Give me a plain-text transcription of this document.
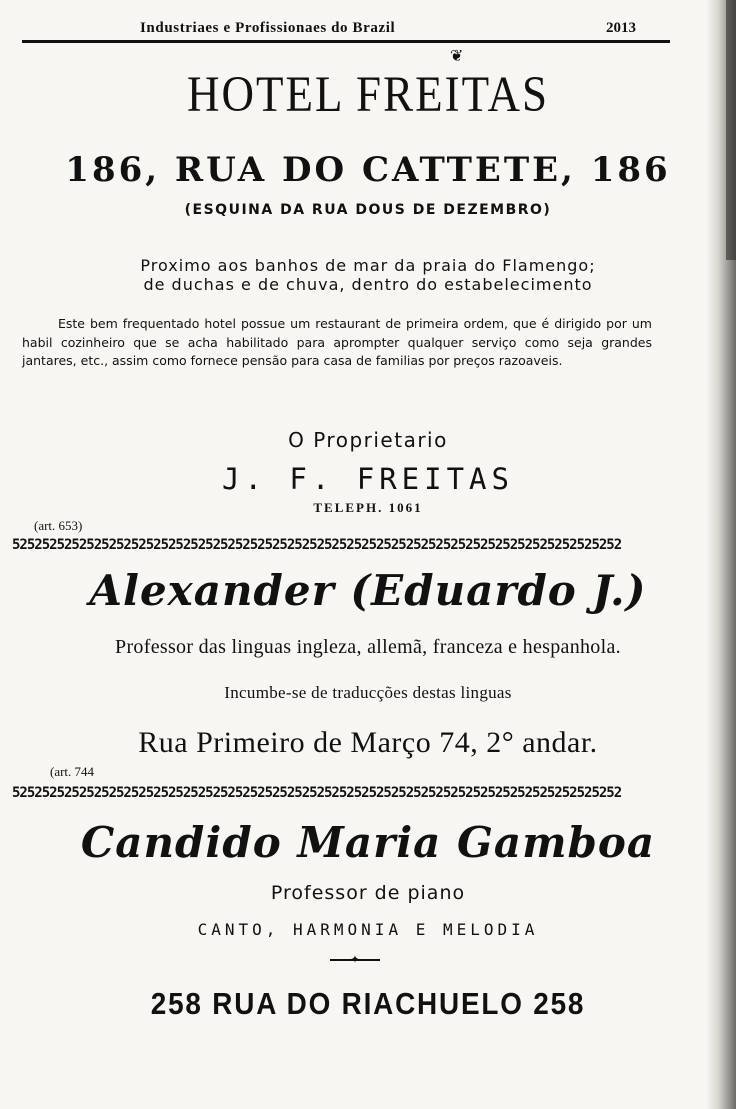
Industriaes e Profissionaes do Brazil	2013
❦
HOTEL FREITAS
186, RUA DO CATTETE, 186
(ESQUINA DA RUA DOUS DE DEZEMBRO)
Proximo aos banhos de mar da praia do Flamengo;
de duchas e de chuva, dentro do estabelecimento

Este bem frequentado hotel possue um restaurant de primeira ordem, que é dirigido por um habil cozinheiro que se acha habilitado para aprompter qualquer serviço como seja grandes jantares, etc., assim como fornece pensão para casa de familias por preços razoaveis.

O Proprietario
J. F. FREITAS
TELEPH. 1061
(art. 653)
5252525252525252525252525252525252525252525252525252525252525252525252525252525252
Alexander (Eduardo J.)
Professor das linguas ingleza, allemã, franceza e hespanhola.
Incumbe-se de traducções destas linguas
Rua Primeiro de Março 74, 2° andar.
(art. 744
5252525252525252525252525252525252525252525252525252525252525252525252525252525252
Candido Maria Gamboa
Professor de piano
CANTO, HARMONIA E MELODIA
✦
258 RUA DO RIACHUELO 258
